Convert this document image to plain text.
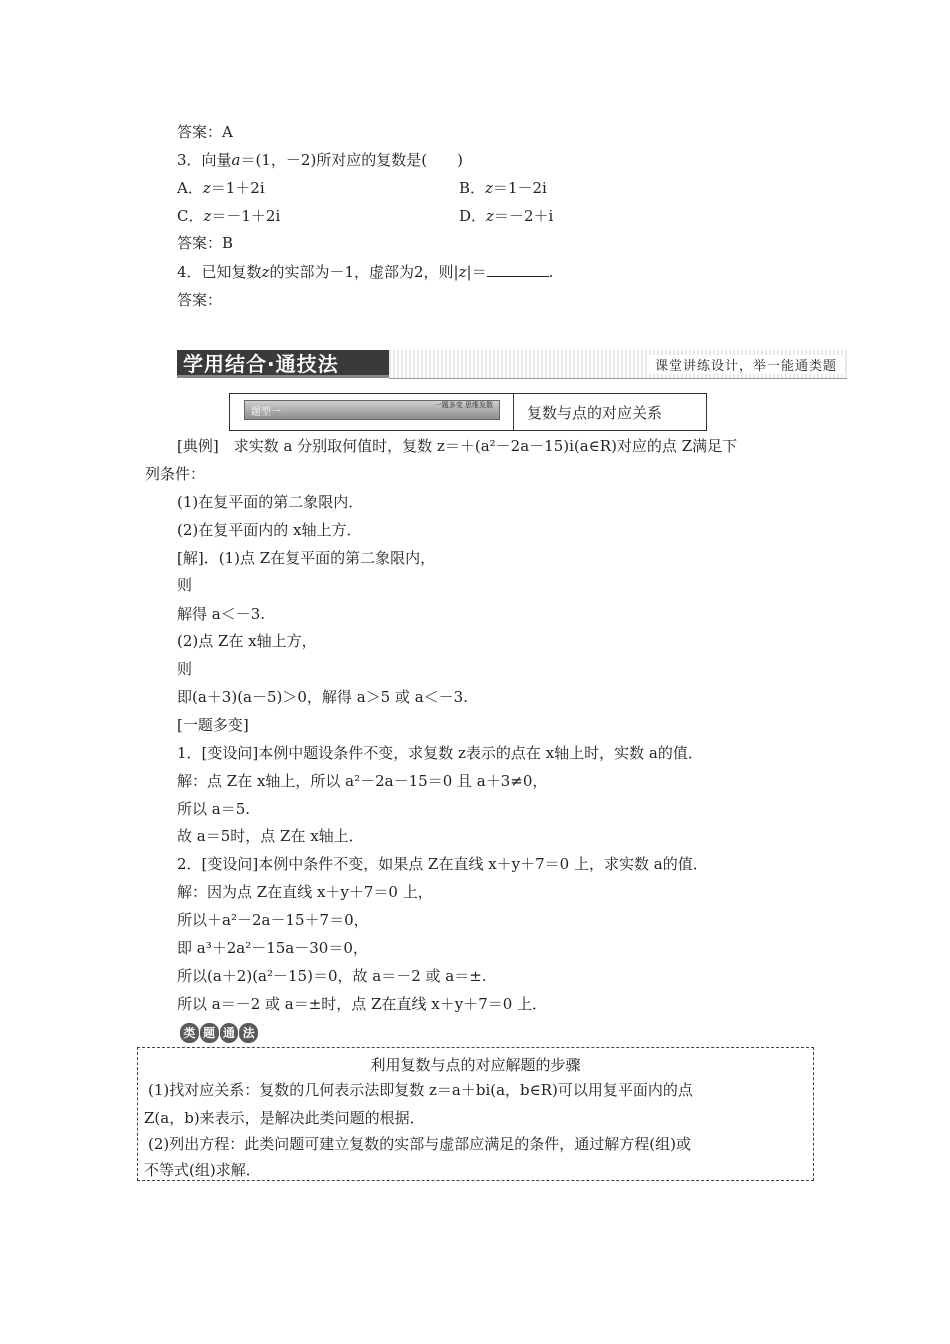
答案：A
3．向量a＝(1，－2)所对应的复数是(　　)
A．z＝1＋2i	B．z＝1－2i
C．z＝－1＋2i	D．z＝－2＋i
答案：B
4．已知复数z的实部为－1，虚部为2，则|z|＝	.
答案：
学用结合·通技法	课堂讲练设计，举一能通类题
题型一
一题多变 思维发散 复数与点的对应关系
[典例]　求实数 a 分别取何值时，复数 z＝＋(a²－2a－15)i(a∈R)对应的点 Z满足下
列条件：
(1)在复平面的第二象限内．
(2)在复平面内的 x轴上方．
[解]．(1)点 Z在复平面的第二象限内，
则
解得 a＜－3.
(2)点 Z在 x轴上方，
则
即(a＋3)(a－5)＞0，解得 a＞5 或 a＜－3.
[一题多变]
1．[变设问]本例中题设条件不变，求复数 z表示的点在 x轴上时，实数 a的值．
解：点 Z在 x轴上，所以 a²－2a－15＝0 且 a＋3≠0，
所以 a＝5.
故 a＝5时，点 Z在 x轴上．
2．[变设问]本例中条件不变，如果点 Z在直线 x＋y＋7＝0 上，求实数 a的值．
解：因为点 Z在直线 x＋y＋7＝0 上，
所以＋a²－2a－15＋7＝0，
即 a³＋2a²－15a－30＝0，
所以(a＋2)(a²－15)＝0，故 a＝－2 或 a＝±.
所以 a＝－2 或 a＝±时，点 Z在直线 x＋y＋7＝0 上．
类 题 通 法
利用复数与点的对应解题的步骤
(1)找对应关系：复数的几何表示法即复数 z＝a＋bi(a，b∈R)可以用复平面内的点
Z(a，b)来表示，是解决此类问题的根据．
(2)列出方程：此类问题可建立复数的实部与虚部应满足的条件，通过解方程(组)或
不等式(组)求解．
